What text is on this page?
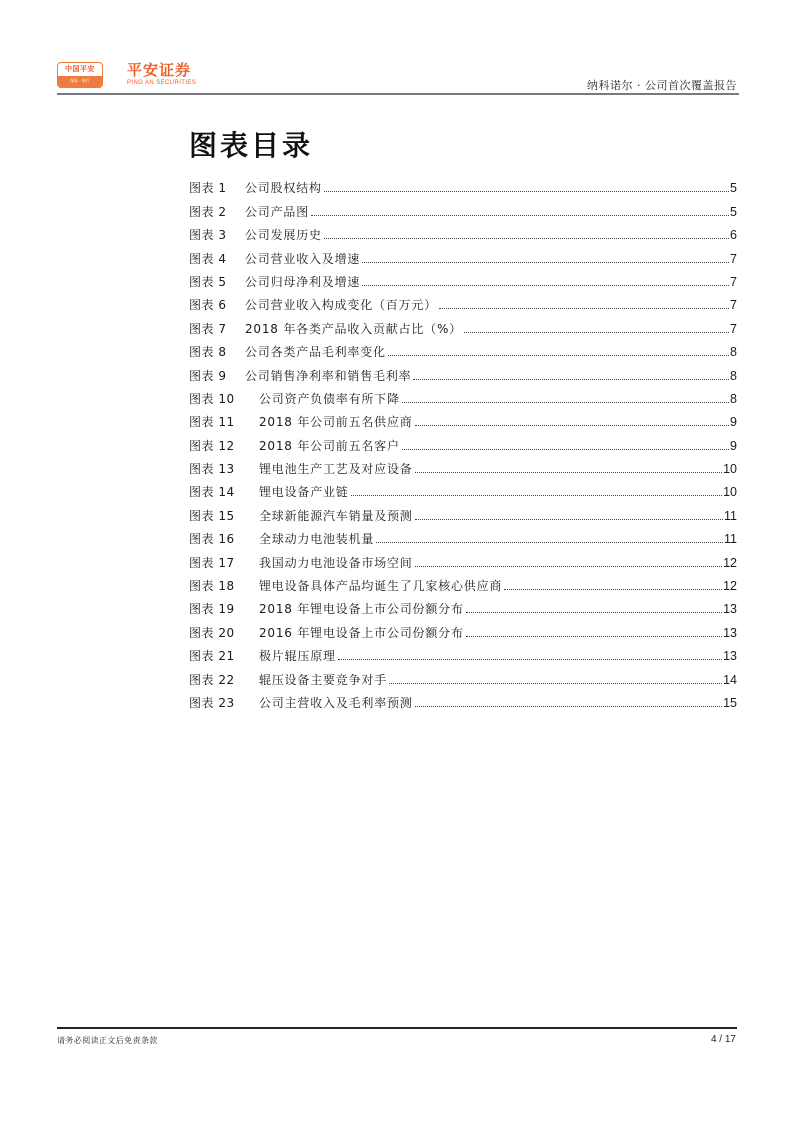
中国平安
保险 · 银行
平安证券
PING AN SECURITIES	纳科诺尔 · 公司首次覆盖报告
图表目录
图表 1	公司股权结构	5
图表 2	公司产品图	5
图表 3	公司发展历史	6
图表 4	公司营业收入及增速	7
图表 5	公司归母净利及增速	7
图表 6	公司营业收入构成变化（百万元）	7
图表 7	2018 年各类产品收入贡献占比（%）	7
图表 8	公司各类产品毛利率变化	8
图表 9	公司销售净利率和销售毛利率	8
图表 10	公司资产负债率有所下降	8
图表 11	2018 年公司前五名供应商	9
图表 12	2018 年公司前五名客户	9
图表 13	锂电池生产工艺及对应设备	10
图表 14	锂电设备产业链	10
图表 15	全球新能源汽车销量及预测	11
图表 16	全球动力电池装机量	11
图表 17	我国动力电池设备市场空间	12
图表 18	锂电设备具体产品均诞生了几家核心供应商	12
图表 19	2018 年锂电设备上市公司份额分布	13
图表 20	2016 年锂电设备上市公司份额分布	13
图表 21	极片辊压原理	13
图表 22	辊压设备主要竞争对手	14
图表 23	公司主营收入及毛利率预测	15
请务必阅读正文后免责条款	4 / 17
